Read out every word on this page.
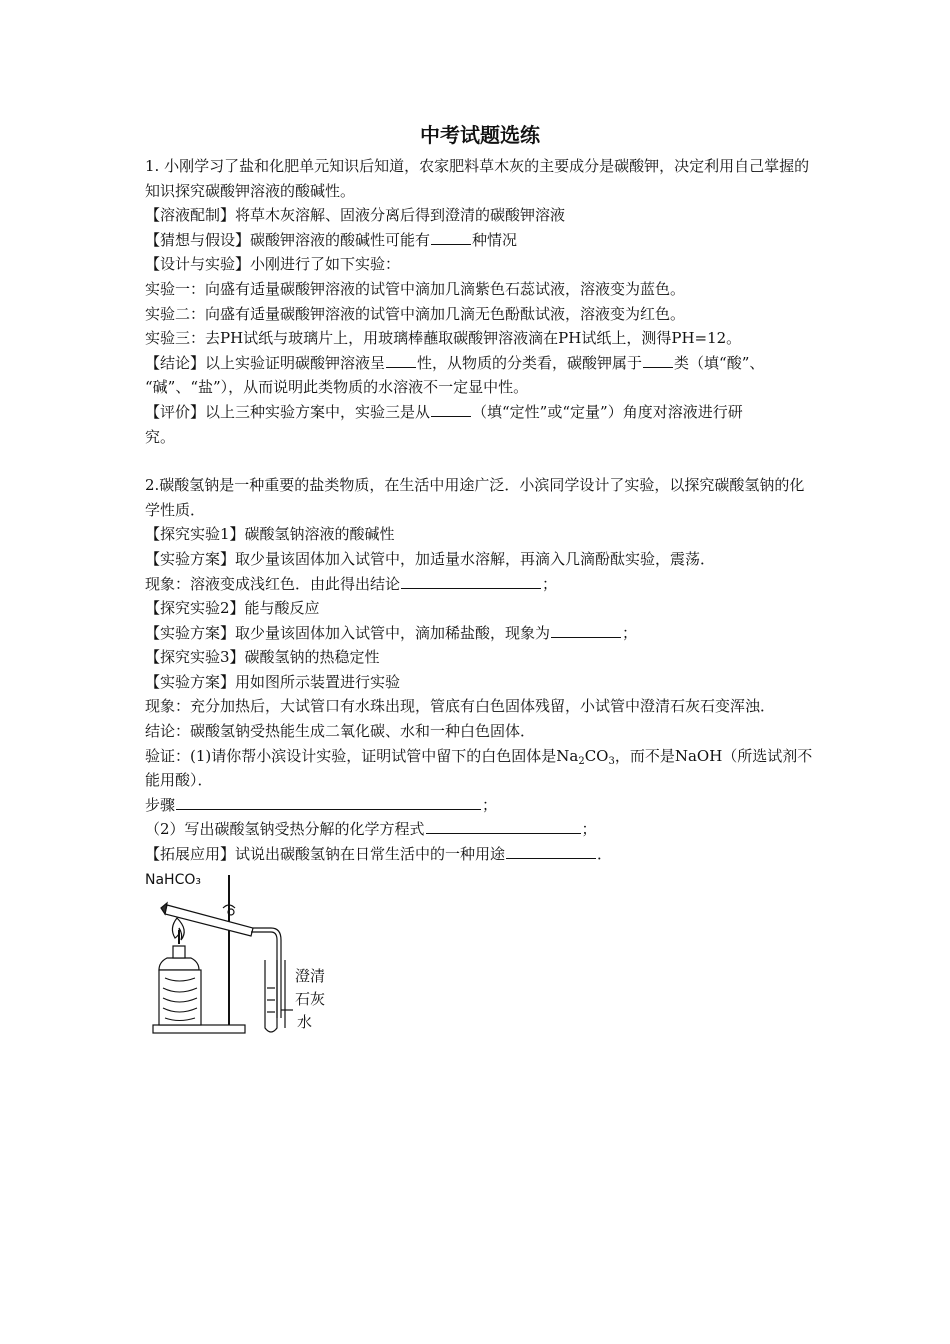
中考试题选练

1. 小刚学习了盐和化肥单元知识后知道，农家肥料草木灰的主要成分是碳酸钾，决定利用自己掌握的知识探究碳酸钾溶液的酸碱性。

【溶液配制】将草木灰溶解、固液分离后得到澄清的碳酸钾溶液

【猜想与假设】碳酸钾溶液的酸碱性可能有	种情况

【设计与实验】小刚进行了如下实验：

实验一：向盛有适量碳酸钾溶液的试管中滴加几滴紫色石蕊试液，溶液变为蓝色。

实验二：向盛有适量碳酸钾溶液的试管中滴加几滴无色酚酞试液，溶液变为红色。

实验三：去PH试纸与玻璃片上，用玻璃棒蘸取碳酸钾溶液滴在PH试纸上，测得PH=12。

【结论】以上实验证明碳酸钾溶液呈 性，从物质的分类看，碳酸钾属于 类（填“酸”、

“碱”、“盐”），从而说明此类物质的水溶液不一定显中性。

【评价】以上三种实验方案中，实验三是从	（填“定性”或“定量”）角度对溶液进行研

究。

2.碳酸氢钠是一种重要的盐类物质，在生活中用途广泛．小滨同学设计了实验，以探究碳酸氢钠的化学性质．

【探究实验1】碳酸氢钠溶液的酸碱性

【实验方案】取少量该固体加入试管中，加适量水溶解，再滴入几滴酚酞实验，震荡．

现象：溶液变成浅红色．由此得出结论	；

【探究实验2】能与酸反应

【实验方案】取少量该固体加入试管中，滴加稀盐酸，现象为	；

【探究实验3】碳酸氢钠的热稳定性

【实验方案】用如图所示装置进行实验

现象：充分加热后，大试管口有水珠出现，管底有白色固体残留，小试管中澄清石灰石变浑浊．

结论：碳酸氢钠受热能生成二氧化碳、水和一种白色固体．

验证：(1)请你帮小滨设计实验，证明试管中留下的白色固体是$Na_2CO_3$，而不是NaOH（所选试剂不能用酸）．

步骤	；

（2）写出碳酸氢钠受热分解的化学方程式	；

【拓展应用】试说出碳酸氢钠在日常生活中的一种用途	．

NaHCO₃
澄清
石灰
水
